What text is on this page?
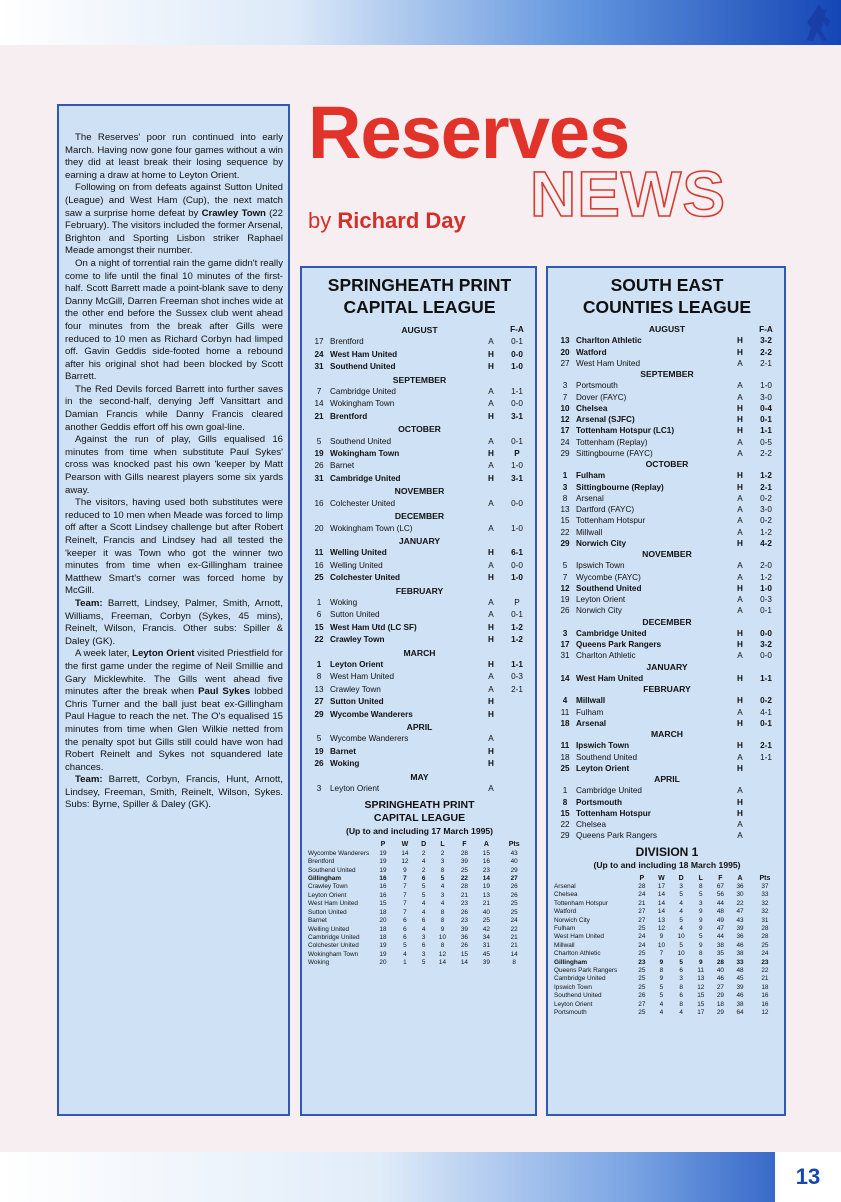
Reserves
NEWS
by Richard Day

The Reserves' poor run continued into early March. Having now gone four games without a win they did at least break their losing sequence by earning a draw at home to Leyton Orient.

Following on from defeats against Sutton United (League) and West Ham (Cup), the next match saw a surprise home defeat by Crawley Town (22 February). The visitors included the former Arsenal, Brighton and Sporting Lisbon striker Raphael Meade amongst their number.

On a night of torrential rain the game didn't really come to life until the final 10 minutes of the first-half. Scott Barrett made a point-blank save to deny Danny McGill, Darren Freeman shot inches wide at the other end before the Sussex club went ahead four minutes from the break after Gills were reduced to 10 men as Richard Corbyn had limped off. Gavin Geddis side-footed home a rebound after his original shot had been blocked by Scott Barrett.

The Red Devils forced Barrett into further saves in the second-half, denying Jeff Vansittart and Damian Francis while Danny Francis cleared another Geddis effort off his own goal-line.

Against the run of play, Gills equalised 16 minutes from time when substitute Paul Sykes' cross was knocked past his own 'keeper by Matt Pearson with Gills nearest players some six yards away.

The visitors, having used both substitutes were reduced to 10 men when Meade was forced to limp off after a Scott Lindsey challenge but after Robert Reinelt, Francis and Lindsey had all tested the 'keeper it was Town who got the winner two minutes from time when ex-Gillingham trainee Matthew Smart's corner was forced home by McGill.

Team: Barrett, Lindsey, Palmer, Smith, Arnott, Williams, Freeman, Corbyn (Sykes, 45 mins), Reinelt, Wilson, Francis. Other subs: Spiller & Daley (GK).

A week later, Leyton Orient visited Priestfield for the first game under the regime of Neil Smillie and Gary Micklewhite. The Gills went ahead five minutes after the break when Paul Sykes lobbed Chris Turner and the ball just beat ex-Gillingham Paul Hague to reach the net. The O's equalised 15 minutes from time when Glen Wilkie netted from the penalty spot but Gills still could have won had Robert Reinelt and Sykes not squandered late chances.

Team: Barrett, Corbyn, Francis, Hunt, Arnott, Lindsey, Freeman, Smith, Reinelt, Wilson, Sykes. Subs: Byrne, Spiller & Daley (GK).

SPRINGHEATH PRINT
CAPITAL LEAGUE
AUGUST	F-A
17 Brentford	A	0-1
24 West Ham United	H	0-0
31 Southend United	H	1-0
SEPTEMBER
7	Cambridge United	A	1-1
14 Wokingham Town	A	0-0
21 Brentford	H	3-1
OCTOBER
5	Southend United	A	0-1
19 Wokingham Town	H	P
26 Barnet	A	1-0
31 Cambridge United	H	3-1
NOVEMBER
16 Colchester United	A	0-0
DECEMBER
20 Wokingham Town (LC)	A	1-0
JANUARY
11 Welling United	H	6-1
16 Welling United	A	0-0
25 Colchester United	H	1-0
FEBRUARY
1	Woking	A	P
6	Sutton United	A	0-1
15 West Ham Utd (LC SF)	H	1-2
22 Crawley Town	H	1-2
MARCH
1	Leyton Orient	H	1-1
8	West Ham United	A	0-3
13 Crawley Town	A	2-1
27 Sutton United	H
29 Wycombe Wanderers	H
APRIL
5	Wycombe Wanderers	A
19 Barnet	H
26 Woking	H
MAY
3	Leyton Orient	A
SPRINGHEATH PRINT
CAPITAL LEAGUE
(Up to and including 17 March 1995)
	P	W	D	L	F	A	Pts
Wycombe Wanderers	19	14	2	2	28	15	43
Brentford	19	12	4	3	39	16	40
Southend United	19	9	2	8	25	23	29
Gillingham	16	7	6	5	22	14	27
Crawley Town	16	7	5	4	28	19	26
Leyton Orient	16	7	5	3	21	13	26
West Ham United	15	7	4	4	23	21	25
Sutton United	18	7	4	8	26	40	25
Barnet	20	6	6	8	23	25	24
Welling United	18	6	4	9	39	42	22
Cambridge United	18	6	3	10	36	34	21
Colchester United	19	5	6	8	26	31	21
Wokingham Town	19	4	3	12	15	45	14
Woking	20	1	5	14	14	39	8
SOUTH EAST
COUNTIES LEAGUE
AUGUST	F-A
13 Charlton Athletic	H	3-2
20 Watford	H	2-2
27 West Ham United	A	2-1
SEPTEMBER
3	Portsmouth	A	1-0
7	Dover (FAYC)	A	3-0
10 Chelsea	H	0-4
12 Arsenal (SJFC)	H	0-1
17 Tottenham Hotspur (LC1)	H	1-1
24 Tottenham (Replay)	A	0-5
29 Sittingbourne (FAYC)	A	2-2
OCTOBER
1	Fulham	H	1-2
3	Sittingbourne (Replay)	H	2-1
8	Arsenal	A	0-2
13 Dartford (FAYC)	A	3-0
15 Tottenham Hotspur	A	0-2
22 Millwall	A	1-2
29 Norwich City	H	4-2
NOVEMBER
5	Ipswich Town	A	2-0
7	Wycombe (FAYC)	A	1-2
12 Southend United	H	1-0
19 Leyton Orient	A	0-3
26 Norwich City	A	0-1
DECEMBER
3	Cambridge United	H	0-0
17 Queens Park Rangers	H	3-2
31 Charlton Athletic	A	0-0
JANUARY
14 West Ham United	H	1-1
FEBRUARY
4	Millwall	H	0-2
11 Fulham	A	4-1
18 Arsenal	H	0-1
MARCH
11 Ipswich Town	H	2-1
18 Southend United	A	1-1
25 Leyton Orient	H
APRIL
1	Cambridge United	A
8	Portsmouth	H
15 Tottenham Hotspur	H
22 Chelsea	A
29 Queens Park Rangers	A
DIVISION 1
(Up to and including 18 March 1995)
	P	W	D	L	F	A	Pts
Arsenal	28	17	3	8	67	36	37
Chelsea	24	14	5	5	56	30	33
Tottenham Hotspur	21	14	4	3	44	22	32
Watford	27	14	4	9	48	47	32
Norwich City	27	13	5	9	49	43	31
Fulham	25	12	4	9	47	39	28
West Ham United	24	9	10	5	44	36	28
Millwall	24	10	5	9	38	46	25
Charlton Athletic	25	7	10	8	35	38	24
Gillingham	23	9	5	9	28	33	23
Queens Park Rangers	25	8	6	11	40	48	22
Cambridge United	25	9	3	13	46	45	21
Ipswich Town	25	5	8	12	27	39	18
Southend United	26	5	6	15	29	46	16
Leyton Orient	27	4	8	15	18	38	16
Portsmouth	25	4	4	17	29	64	12
13
